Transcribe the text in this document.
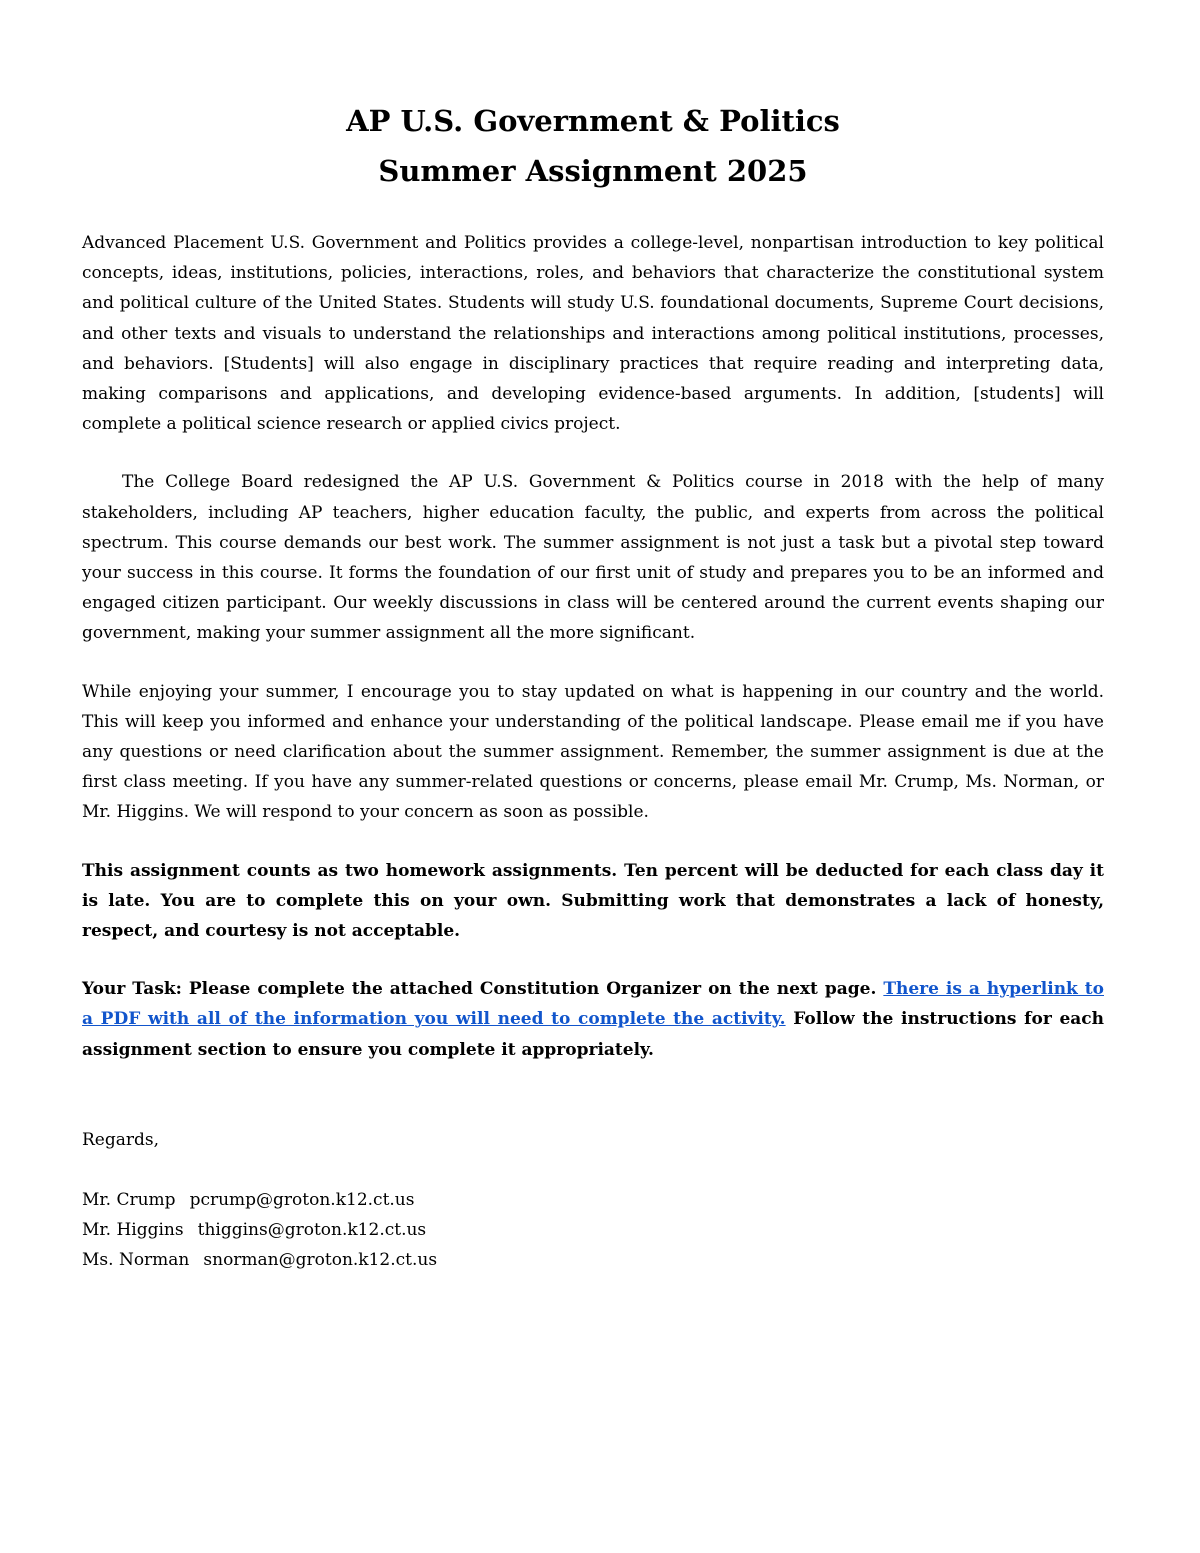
AP U.S. Government & Politics
Summer Assignment 2025

Advanced Placement U.S. Government and Politics provides a college-level, nonpartisan introduction to key political concepts, ideas, institutions, policies, interactions, roles, and behaviors that characterize the constitutional system and political culture of the United States. Students will study U.S. foundational documents, Supreme Court decisions, and other texts and visuals to understand the relationships and interactions among political institutions, processes, and behaviors. [Students] will also engage in disciplinary practices that require reading and interpreting data, making comparisons and applications, and developing evidence-based arguments. In addition, [students] will complete a political science research or applied civics project.

The College Board redesigned the AP U.S. Government & Politics course in 2018 with the help of many stakeholders, including AP teachers, higher education faculty, the public, and experts from across the political spectrum. This course demands our best work. The summer assignment is not just a task but a pivotal step toward your success in this course. It forms the foundation of our first unit of study and prepares you to be an informed and engaged citizen participant. Our weekly discussions in class will be centered around the current events shaping our government, making your summer assignment all the more significant.

While enjoying your summer, I encourage you to stay updated on what is happening in our country and the world. This will keep you informed and enhance your understanding of the political landscape. Please email me if you have any questions or need clarification about the summer assignment. Remember, the summer assignment is due at the first class meeting. If you have any summer-related questions or concerns, please email Mr. Crump, Ms. Norman, or Mr. Higgins. We will respond to your concern as soon as possible.

This assignment counts as two homework assignments. Ten percent will be deducted for each class day it is late. You are to complete this on your own. Submitting work that demonstrates a lack of honesty, respect, and courtesy is not acceptable.

Your Task: Please complete the attached Constitution Organizer on the next page. There is a hyperlink to a PDF with all of the information you will need to complete the activity. Follow the instructions for each assignment section to ensure you complete it appropriately.

Regards,

Mr. Crump pcrump@groton.k12.ct.us
Mr. Higgins thiggins@groton.k12.ct.us
Ms. Norman snorman@groton.k12.ct.us
